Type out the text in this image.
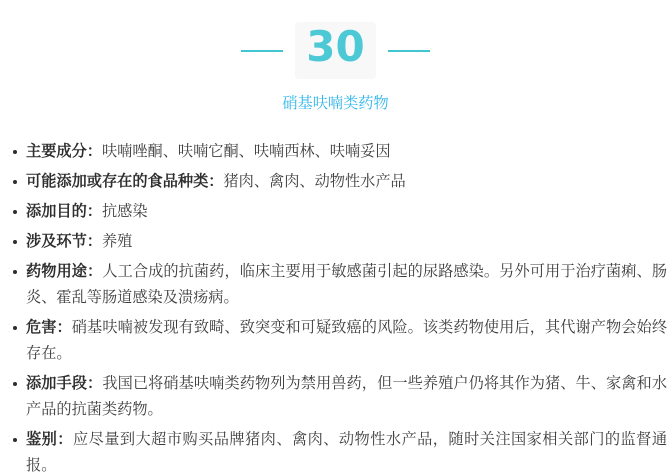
30
硝基呋喃类药物
主要成分：呋喃唑酮、呋喃它酮、呋喃西林、呋喃妥因
可能添加或存在的食品种类：猪肉、禽肉、动物性水产品
添加目的：抗感染
涉及环节：养殖
药物用途：人工合成的抗菌药，临床主要用于敏感菌引起的尿路感染。另外可用于治疗菌痢、肠炎、霍乱等肠道感染及溃疡病。
危害：硝基呋喃被发现有致畸、致突变和可疑致癌的风险。该类药物使用后，其代谢产物会始终存在。
添加手段：我国已将硝基呋喃类药物列为禁用兽药，但一些养殖户仍将其作为猪、牛、家禽和水产品的抗菌类药物。
鉴别：应尽量到大超市购买品牌猪肉、禽肉、动物性水产品，随时关注国家相关部门的监督通报。
